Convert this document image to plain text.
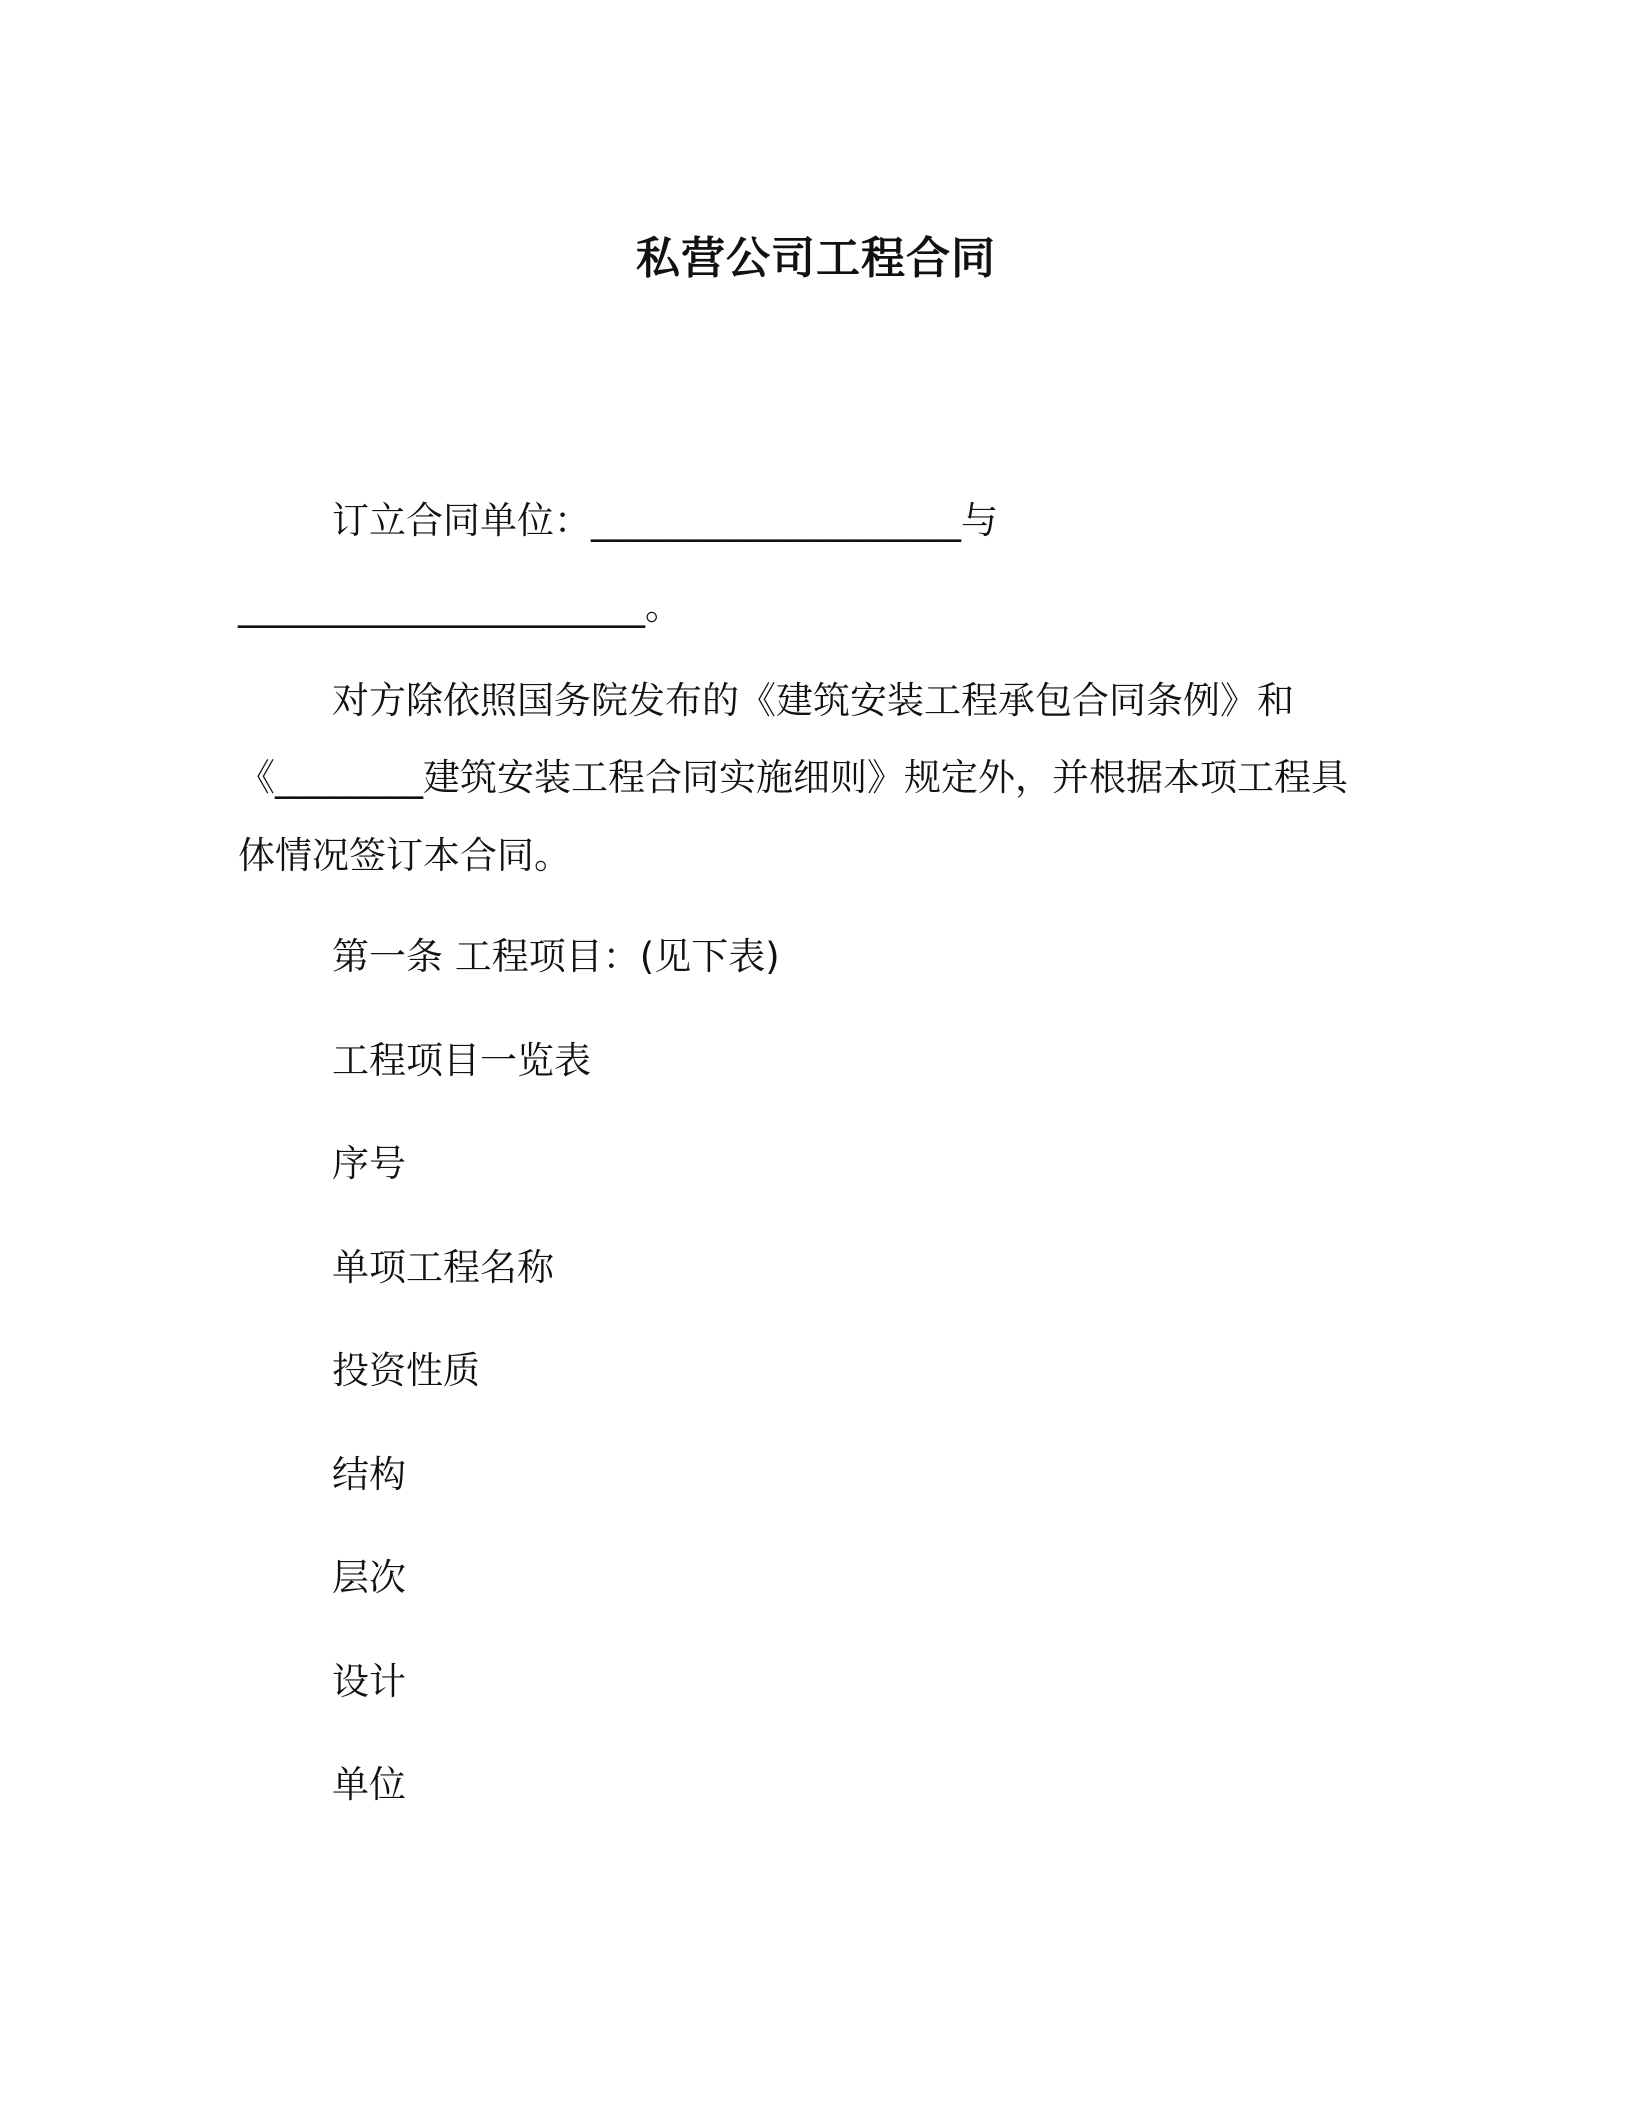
私营公司工程合同
订立合同单位：____________________与
______________________。
对方除依照国务院发布的《建筑安装工程承包合同条例》和
《________建筑安装工程合同实施细则》规定外，并根据本项工程具
体情况签订本合同。
第一条 工程项目：(见下表)
工程项目一览表
序号
单项工程名称
投资性质
结构
层次
设计
单位
